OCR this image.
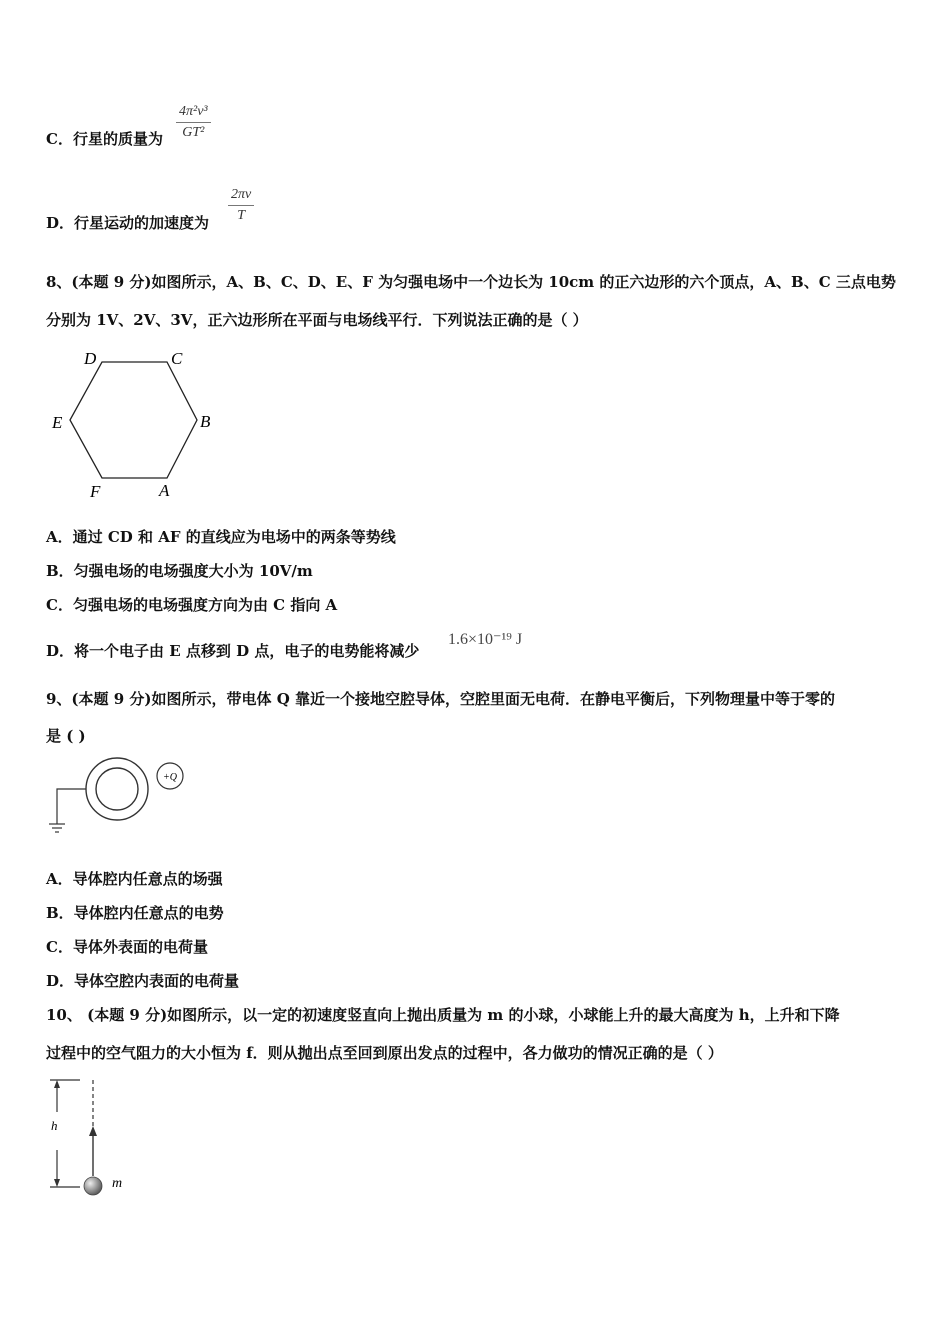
C．行星的质量为
4π²v³
GT²
D．行星运动的加速度为
2πv
T
8、(本题 9 分)如图所示，A、B、C、D、E、F 为匀强电场中一个边长为 10cm 的正六边形的六个顶点，A、B、C 三点电势
分别为 1V、2V、3V，正六边形所在平面与电场线平行．下列说法正确的是（ ）
D	C
E	B
F	A
A．通过 CD 和 AF 的直线应为电场中的两条等势线
B．匀强电场的电场强度大小为 10V/m
C．匀强电场的电场强度方向为由 C 指向 A
D．将一个电子由 E 点移到 D 点，电子的电势能将减少
1.6×10⁻¹⁹ J
9、(本题 9 分)如图所示，带电体 Q 靠近一个接地空腔导体，空腔里面无电荷．在静电平衡后，下列物理量中等于零的
是 ( )
+Q
A．导体腔内任意点的场强
B．导体腔内任意点的电势
C．导体外表面的电荷量
D．导体空腔内表面的电荷量
10、 (本题 9 分)如图所示，以一定的初速度竖直向上抛出质量为 m 的小球，小球能上升的最大高度为 h，上升和下降
过程中的空气阻力的大小恒为 f．则从抛出点至回到原出发点的过程中，各力做功的情况正确的是（ ）
h
m
